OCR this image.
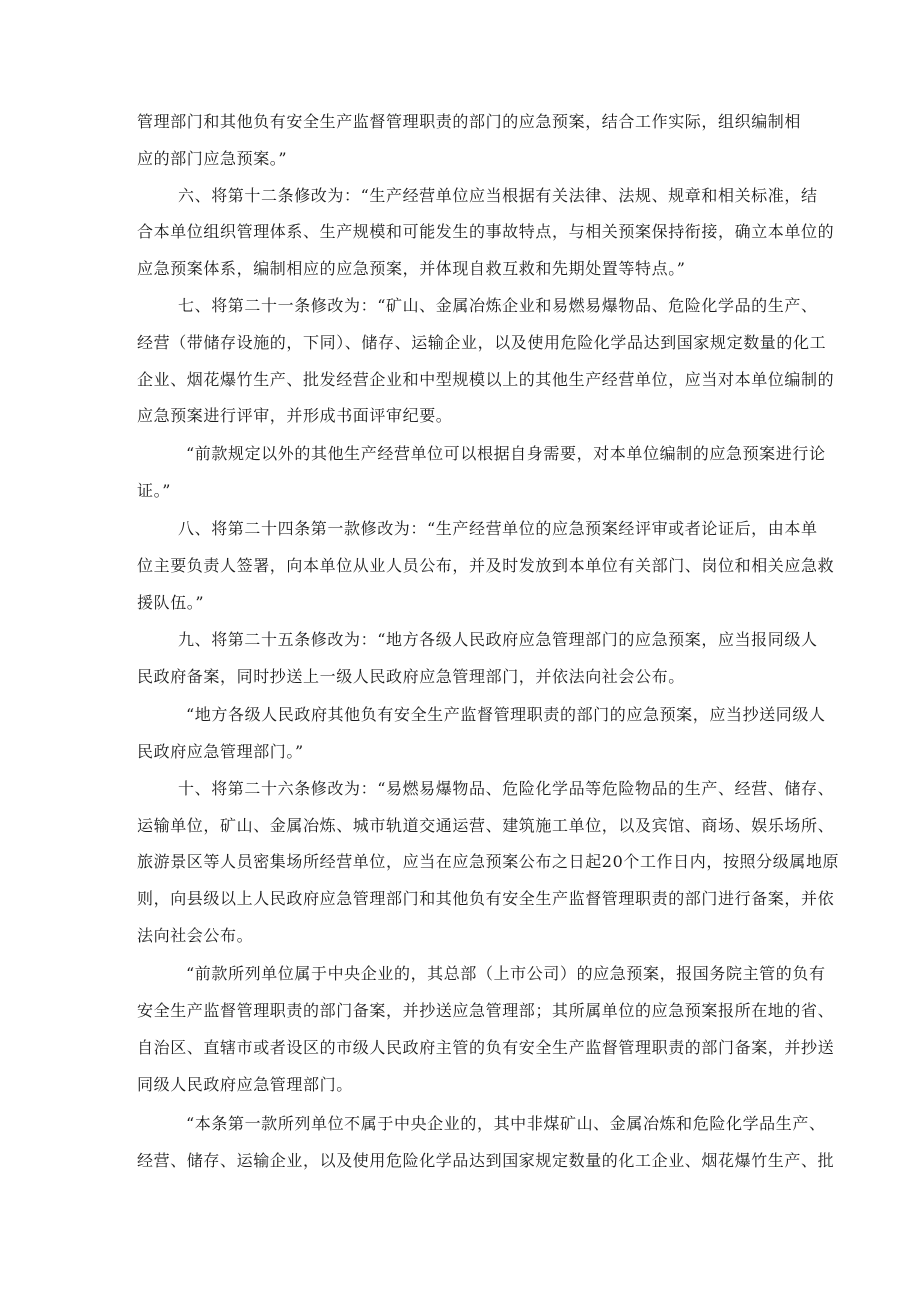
管理部门和其他负有安全生产监督管理职责的部门的应急预案，结合工作实际，组织编制相
应的部门应急预案。”
六、将第十二条修改为：“生产经营单位应当根据有关法律、法规、规章和相关标准，结
合本单位组织管理体系、生产规模和可能发生的事故特点，与相关预案保持衔接，确立本单位的
应急预案体系，编制相应的应急预案，并体现自救互救和先期处置等特点。”
七、将第二十一条修改为：“矿山、金属冶炼企业和易燃易爆物品、危险化学品的生产、
经营（带储存设施的，下同）、储存、运输企业，以及使用危险化学品达到国家规定数量的化工
企业、烟花爆竹生产、批发经营企业和中型规模以上的其他生产经营单位，应当对本单位编制的
应急预案进行评审，并形成书面评审纪要。
“前款规定以外的其他生产经营单位可以根据自身需要，对本单位编制的应急预案进行论
证。”
八、将第二十四条第一款修改为：“生产经营单位的应急预案经评审或者论证后，由本单
位主要负责人签署，向本单位从业人员公布，并及时发放到本单位有关部门、岗位和相关应急救
援队伍。”
九、将第二十五条修改为：“地方各级人民政府应急管理部门的应急预案，应当报同级人
民政府备案，同时抄送上一级人民政府应急管理部门，并依法向社会公布。
“地方各级人民政府其他负有安全生产监督管理职责的部门的应急预案，应当抄送同级人
民政府应急管理部门。”
十、将第二十六条修改为：“易燃易爆物品、危险化学品等危险物品的生产、经营、储存、
运输单位，矿山、金属冶炼、城市轨道交通运营、建筑施工单位，以及宾馆、商场、娱乐场所、
旅游景区等人员密集场所经营单位，应当在应急预案公布之日起20个工作日内，按照分级属地原
则，向县级以上人民政府应急管理部门和其他负有安全生产监督管理职责的部门进行备案，并依
法向社会公布。
“前款所列单位属于中央企业的，其总部（上市公司）的应急预案，报国务院主管的负有
安全生产监督管理职责的部门备案，并抄送应急管理部；其所属单位的应急预案报所在地的省、
自治区、直辖市或者设区的市级人民政府主管的负有安全生产监督管理职责的部门备案，并抄送
同级人民政府应急管理部门。
“本条第一款所列单位不属于中央企业的，其中非煤矿山、金属冶炼和危险化学品生产、
经营、储存、运输企业，以及使用危险化学品达到国家规定数量的化工企业、烟花爆竹生产、批
